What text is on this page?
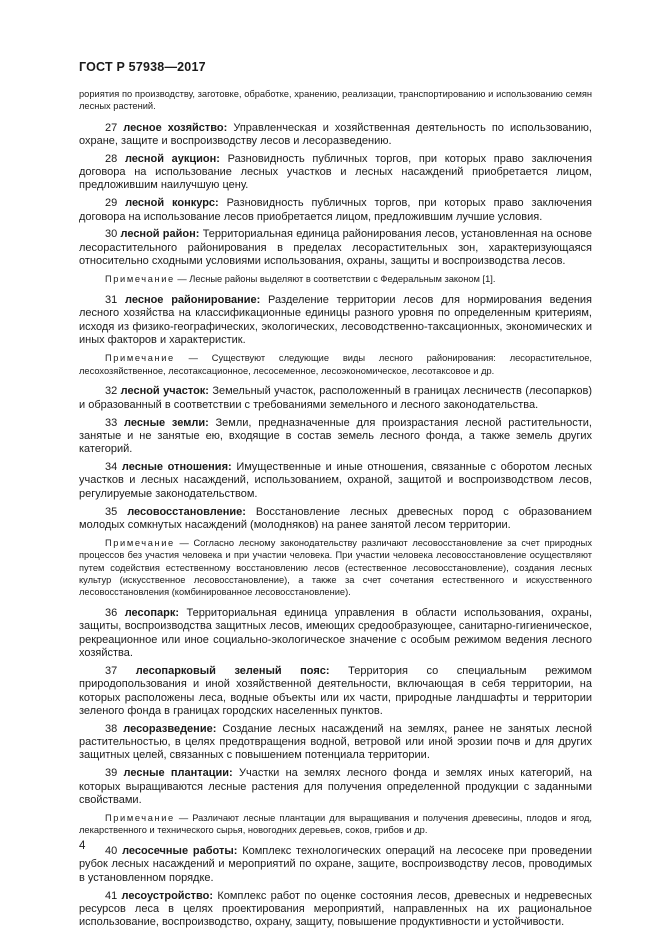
ГОСТ Р 57938—2017

рориятия по производству, заготовке, обработке, хранению, реализации, транспортированию и использованию семян лесных растений.

27 лесное хозяйство: Управленческая и хозяйственная деятельность по использованию, охране, защите и воспроизводству лесов и лесоразведению.

28 лесной аукцион: Разновидность публичных торгов, при которых право заключения договора на использование лесных участков и лесных насаждений приобретается лицом, предложившим наилучшую цену.

29 лесной конкурс: Разновидность публичных торгов, при которых право заключения договора на использование лесов приобретается лицом, предложившим лучшие условия.

30 лесной район: Территориальная единица районирования лесов, установленная на основе лесорастительного районирования в пределах лесорастительных зон, характеризующаяся относительно сходными условиями использования, охраны, защиты и воспроизводства лесов.

Примечание — Лесные районы выделяют в соответствии с Федеральным законом [1].

31 лесное районирование: Разделение территории лесов для нормирования ведения лесного хозяйства на классификационные единицы разного уровня по определенным критериям, исходя из физико-географических, экологических, лесоводственно-таксационных, экономических и иных факторов и характеристик.

Примечание — Существуют следующие виды лесного районирования: лесорастительное, лесохозяйственное, лесотаксационное, лесосеменное, лесоэкономическое, лесотаксовое и др.

32 лесной участок: Земельный участок, расположенный в границах лесничеств (лесопарков) и образованный в соответствии с требованиями земельного и лесного законодательства.

33 лесные земли: Земли, предназначенные для произрастания лесной растительности, занятые и не занятые ею, входящие в состав земель лесного фонда, а также земель других категорий.

34 лесные отношения: Имущественные и иные отношения, связанные с оборотом лесных участков и лесных насаждений, использованием, охраной, защитой и воспроизводством лесов, регулируемые законодательством.

35 лесовосстановление: Восстановление лесных древесных пород с образованием молодых сомкнутых насаждений (молодняков) на ранее занятой лесом территории.

Примечание — Согласно лесному законодательству различают лесовосстановление за счет природных процессов без участия человека и при участии человека. При участии человека лесовосстановление осуществляют путем содействия естественному восстановлению лесов (естественное лесовосстановление), создания лесных культур (искусственное лесовосстановление), а также за счет сочетания естественного и искусственного лесовосстановления (комбинированное лесовосстановление).

36 лесопарк: Территориальная единица управления в области использования, охраны, защиты, воспроизводства защитных лесов, имеющих средообразующее, санитарно-гигиеническое, рекреационное или иное социально-экологическое значение с особым режимом ведения лесного хозяйства.

37 лесопарковый зеленый пояс: Территория со специальным режимом природопользования и иной хозяйственной деятельности, включающая в себя территории, на которых расположены леса, водные объекты или их части, природные ландшафты и территории зеленого фонда в границах городских населенных пунктов.

38 лесоразведение: Создание лесных насаждений на землях, ранее не занятых лесной растительностью, в целях предотвращения водной, ветровой или иной эрозии почв и для других защитных целей, связанных с повышением потенциала территории.

39 лесные плантации: Участки на землях лесного фонда и землях иных категорий, на которых выращиваются лесные растения для получения определенной продукции с заданными свойствами.

Примечание — Различают лесные плантации для выращивания и получения древесины, плодов и ягод, лекарственного и технического сырья, новогодних деревьев, соков, грибов и др.

40 лесосечные работы: Комплекс технологических операций на лесосеке при проведении рубок лесных насаждений и мероприятий по охране, защите, воспроизводству лесов, проводимых в установленном порядке.

41 лесоустройство: Комплекс работ по оценке состояния лесов, древесных и недревесных ресурсов леса в целях проектирования мероприятий, направленных на их рациональное использование, воспроизводство, охрану, защиту, повышение продуктивности и устойчивости.

4
